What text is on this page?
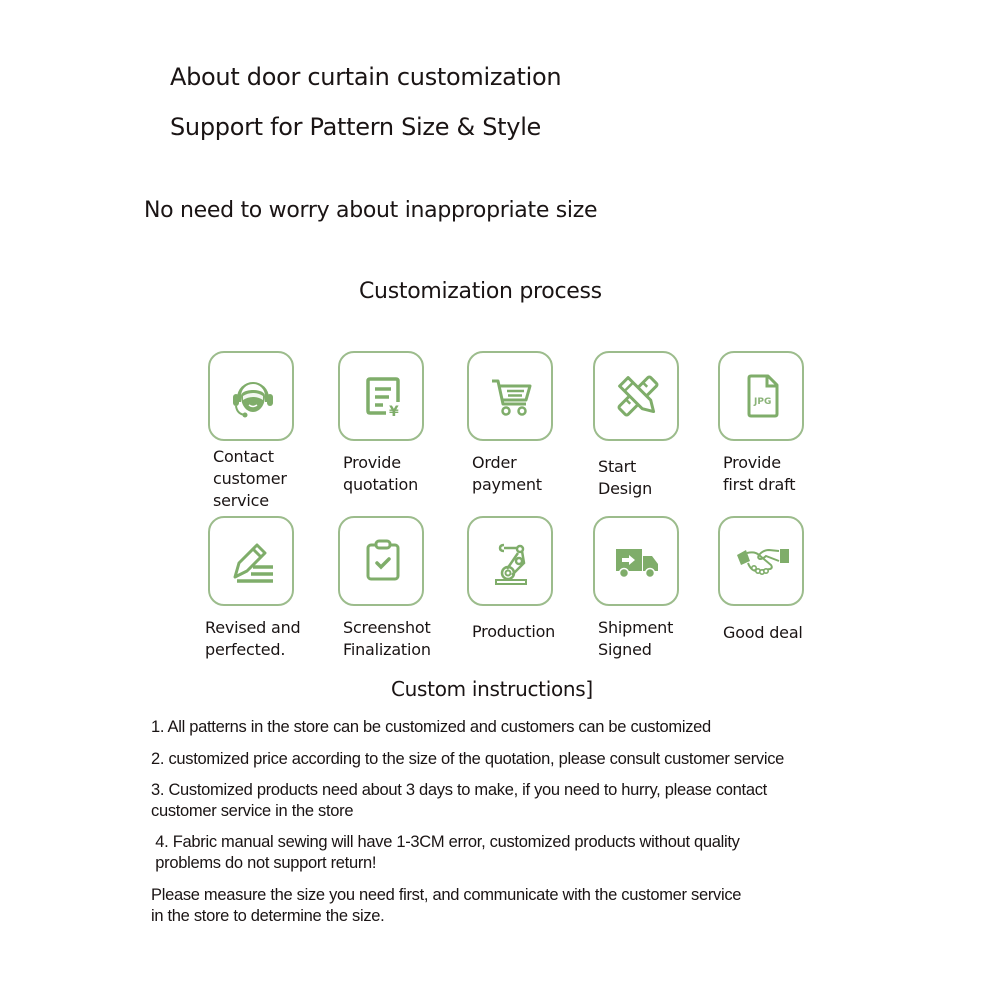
About door curtain customization
Support for Pattern Size & Style
No need to worry about inappropriate size
Customization process
¥
JPG
Contact
customer
service
Provide
quotation
Order
payment
Start
Design
Provide
first draft
Revised and
perfected.
Screenshot
Finalization
Production	Shipment
Signed
Good deal
Custom instructions]
1. All patterns in the store can be customized and customers can be customized
2. customized price according to the size of the quotation, please consult customer service
3. Customized products need about 3 days to make, if you need to hurry, please contact
customer service in the store
4. Fabric manual sewing will have 1-3CM error, customized products without quality
problems do not support return!
Please measure the size you need first, and communicate with the customer service
in the store to determine the size.
